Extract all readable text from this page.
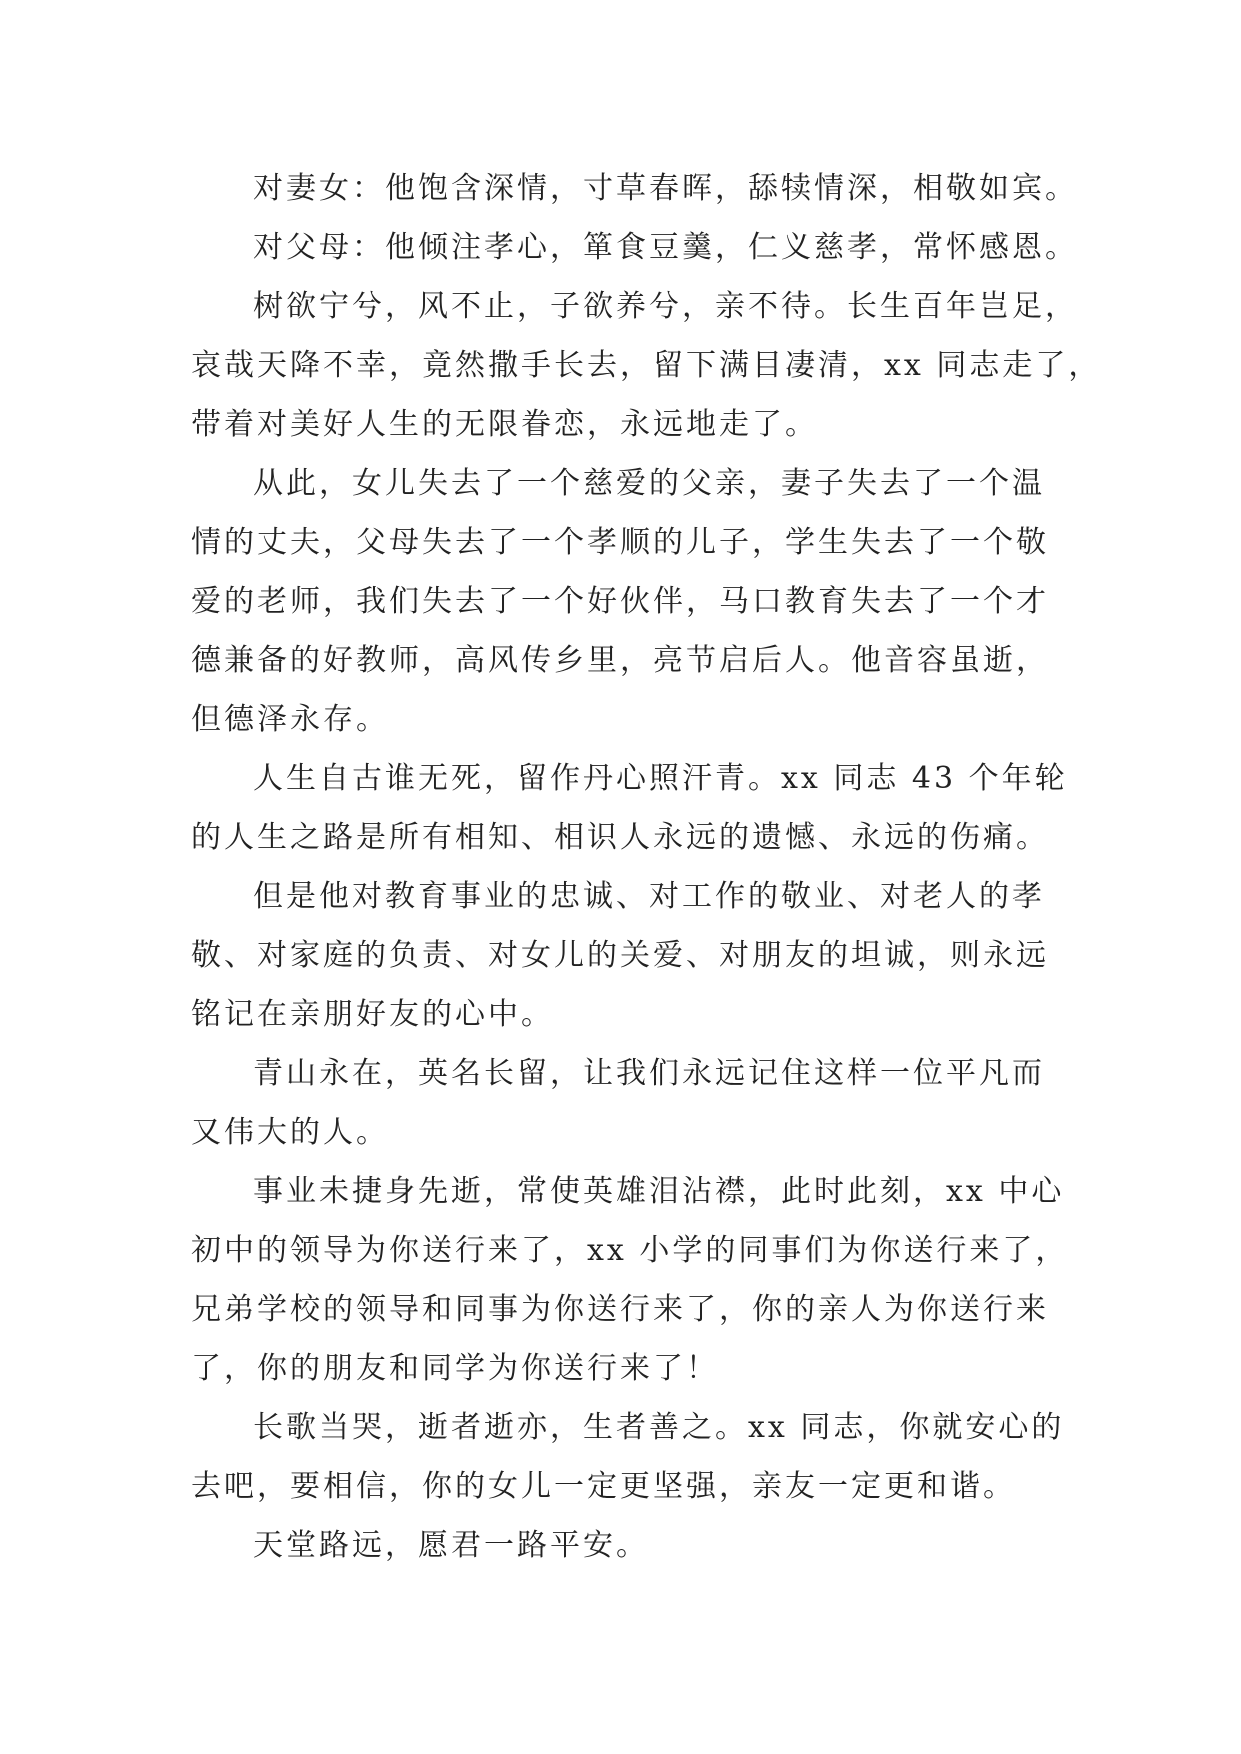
对妻女：他饱含深情，寸草春晖，舔犊情深，相敬如宾。
对父母：他倾注孝心，箪食豆羹，仁义慈孝，常怀感恩。
树欲宁兮，风不止，子欲养兮，亲不待。长生百年岂足，
哀哉天降不幸，竟然撒手长去，留下满目凄清，xx 同志走了，
带着对美好人生的无限眷恋，永远地走了。
从此，女儿失去了一个慈爱的父亲，妻子失去了一个温
情的丈夫，父母失去了一个孝顺的儿子，学生失去了一个敬
爱的老师，我们失去了一个好伙伴，马口教育失去了一个才
德兼备的好教师，高风传乡里，亮节启后人。他音容虽逝，
但德泽永存。
人生自古谁无死，留作丹心照汗青。xx 同志 43 个年轮
的人生之路是所有相知、相识人永远的遗憾、永远的伤痛。
但是他对教育事业的忠诚、对工作的敬业、对老人的孝
敬、对家庭的负责、对女儿的关爱、对朋友的坦诚，则永远
铭记在亲朋好友的心中。
青山永在，英名长留，让我们永远记住这样一位平凡而
又伟大的人。
事业未捷身先逝，常使英雄泪沾襟，此时此刻，xx 中心
初中的领导为你送行来了，xx 小学的同事们为你送行来了，
兄弟学校的领导和同事为你送行来了，你的亲人为你送行来
了，你的朋友和同学为你送行来了！
长歌当哭，逝者逝亦，生者善之。xx 同志，你就安心的
去吧，要相信，你的女儿一定更坚强，亲友一定更和谐。
天堂路远，愿君一路平安。
